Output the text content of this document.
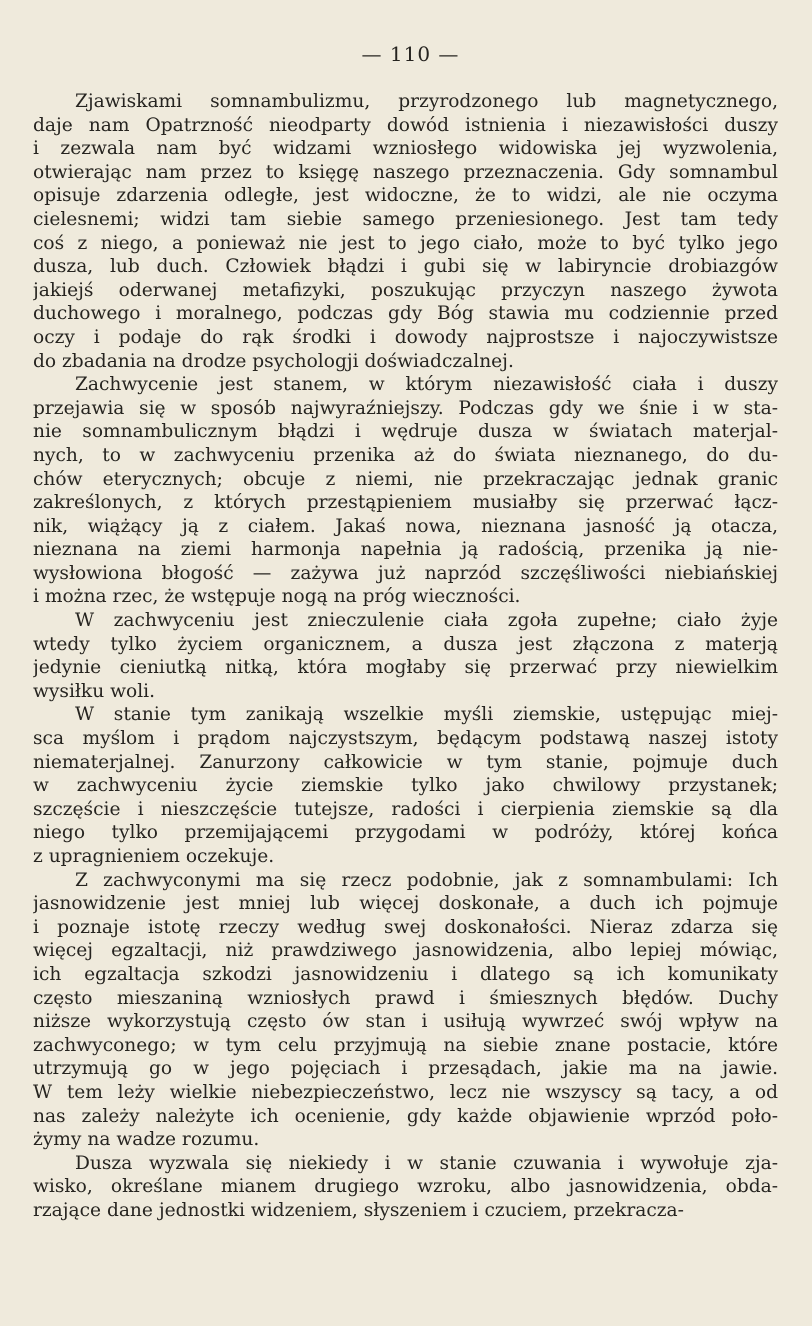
— 110 —
Zjawiskami somnambulizmu, przyrodzonego lub magnetycznego,
daje nam Opatrzność nieodparty dowód istnienia i niezawisłości duszy
i zezwala nam być widzami wzniosłego widowiska jej wyzwolenia,
otwierając nam przez to księgę naszego przeznaczenia. Gdy somnambul
opisuje zdarzenia odległe, jest widoczne, że to widzi, ale nie oczyma
cielesnemi; widzi tam siebie samego przeniesionego. Jest tam tedy
coś z niego, a ponieważ nie jest to jego ciało, może to być tylko jego
dusza, lub duch. Człowiek błądzi i gubi się w labiryncie drobiazgów
jakiejś oderwanej metafizyki, poszukując przyczyn naszego żywota
duchowego i moralnego, podczas gdy Bóg stawia mu codziennie przed
oczy i podaje do rąk środki i dowody najprostsze i najoczywistsze
do zbadania na drodze psychologji doświadczalnej.
Zachwycenie jest stanem, w którym niezawisłość ciała i duszy
przejawia się w sposób najwyraźniejszy. Podczas gdy we śnie i w sta-
nie somnambulicznym błądzi i wędruje dusza w światach materjal-
nych, to w zachwyceniu przenika aż do świata nieznanego, do du-
chów eterycznych; obcuje z niemi, nie przekraczając jednak granic
zakreślonych, z których przestąpieniem musiałby się przerwać łącz-
nik, wiążący ją z ciałem. Jakaś nowa, nieznana jasność ją otacza,
nieznana na ziemi harmonja napełnia ją radością, przenika ją nie-
wysłowiona błogość — zażywa już naprzód szczęśliwości niebiańskiej
i można rzec, że wstępuje nogą na próg wieczności.
W zachwyceniu jest znieczulenie ciała zgoła zupełne; ciało żyje
wtedy tylko życiem organicznem, a dusza jest złączona z materją
jedynie cieniutką nitką, która mogłaby się przerwać przy niewielkim
wysiłku woli.
W stanie tym zanikają wszelkie myśli ziemskie, ustępując miej-
sca myślom i prądom najczystszym, będącym podstawą naszej istoty
niematerjalnej. Zanurzony całkowicie w tym stanie, pojmuje duch
w zachwyceniu życie ziemskie tylko jako chwilowy przystanek;
szczęście i nieszczęście tutejsze, radości i cierpienia ziemskie są dla
niego tylko przemijającemi przygodami w podróży, której końca
z upragnieniem oczekuje.
Z zachwyconymi ma się rzecz podobnie, jak z somnambulami: Ich
jasnowidzenie jest mniej lub więcej doskonałe, a duch ich pojmuje
i poznaje istotę rzeczy według swej doskonałości. Nieraz zdarza się
więcej egzaltacji, niż prawdziwego jasnowidzenia, albo lepiej mówiąc,
ich egzaltacja szkodzi jasnowidzeniu i dlatego są ich komunikaty
często mieszaniną wzniosłych prawd i śmiesznych błędów. Duchy
niższe wykorzystują często ów stan i usiłują wywrzeć swój wpływ na
zachwyconego; w tym celu przyjmują na siebie znane postacie, które
utrzymują go w jego pojęciach i przesądach, jakie ma na jawie.
W tem leży wielkie niebezpieczeństwo, lecz nie wszyscy są tacy, a od
nas zależy należyte ich ocenienie, gdy każde objawienie wprzód poło-
żymy na wadze rozumu.
Dusza wyzwala się niekiedy i w stanie czuwania i wywołuje zja-
wisko, określane mianem drugiego wzroku, albo jasnowidzenia, obda-
rzające dane jednostki widzeniem, słyszeniem i czuciem, przekracza-
